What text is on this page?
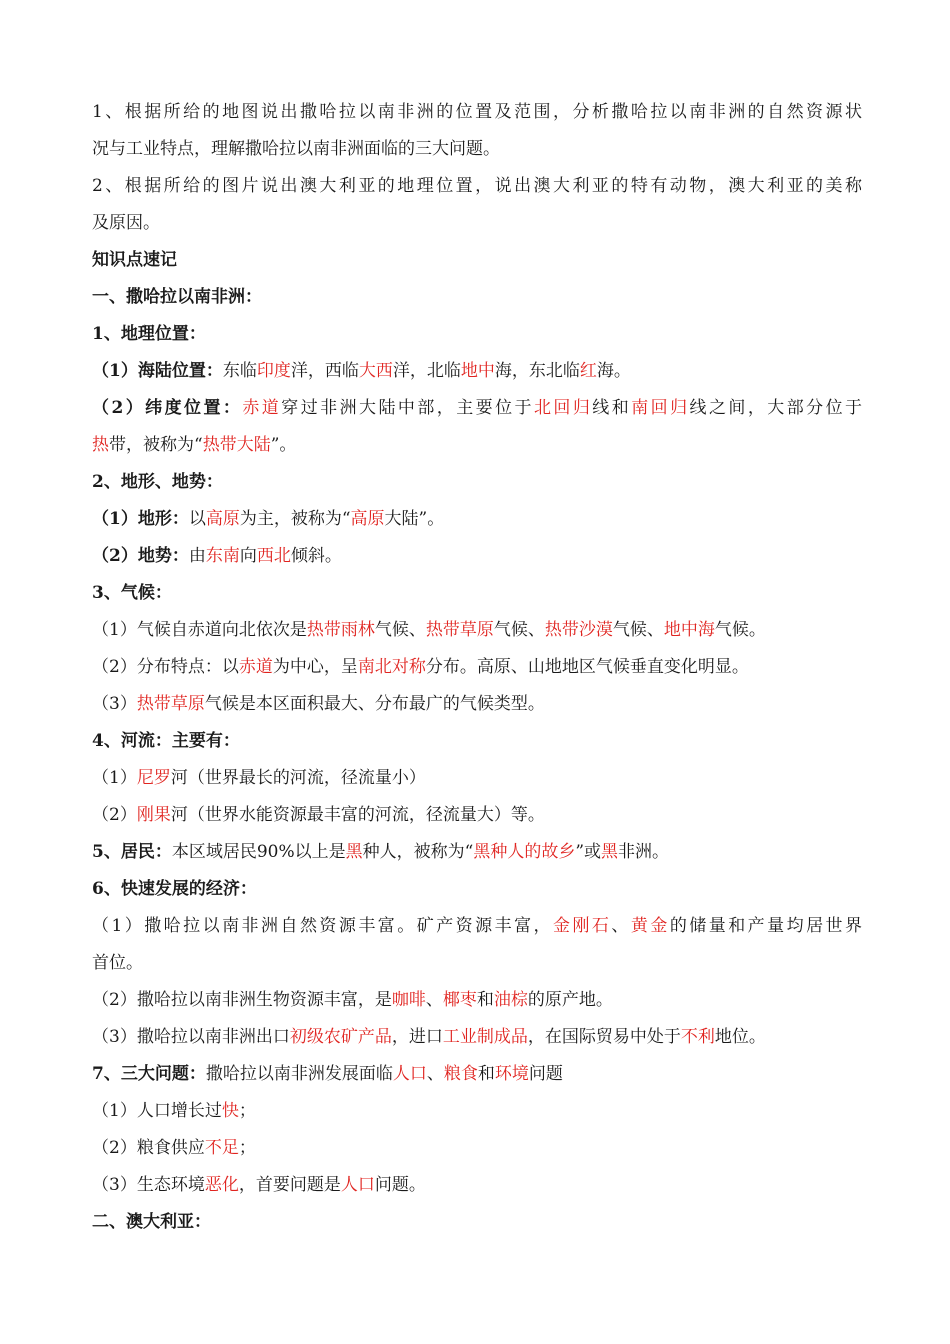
1、根据所给的地图说出撒哈拉以南非洲的位置及范围，分析撒哈拉以南非洲的自然资源状
况与工业特点，理解撒哈拉以南非洲面临的三大问题。
2、根据所给的图片说出澳大利亚的地理位置，说出澳大利亚的特有动物，澳大利亚的美称
及原因。
知识点速记
一、撒哈拉以南非洲：
1、地理位置：
（1）海陆位置：东临印度洋，西临大西洋，北临地中海，东北临红海。
（2）纬度位置：赤道穿过非洲大陆中部，主要位于北回归线和南回归线之间，大部分位于
热带，被称为“热带大陆”。
2、地形、地势：
（1）地形：以高原为主，被称为“高原大陆”。
（2）地势：由东南向西北倾斜。
3、气候：
（1）气候自赤道向北依次是热带雨林气候、热带草原气候、热带沙漠气候、地中海气候。
（2）分布特点：以赤道为中心，呈南北对称分布。高原、山地地区气候垂直变化明显。
（3）热带草原气候是本区面积最大、分布最广的气候类型。
4、河流：主要有：
（1）尼罗河（世界最长的河流，径流量小）
（2）刚果河（世界水能资源最丰富的河流，径流量大）等。
5、居民：本区域居民90%以上是黑种人，被称为“黑种人的故乡”或黑非洲。
6、快速发展的经济：
（1）撒哈拉以南非洲自然资源丰富。矿产资源丰富，金刚石、黄金的储量和产量均居世界
首位。
（2）撒哈拉以南非洲生物资源丰富，是咖啡、椰枣和油棕的原产地。
（3）撒哈拉以南非洲出口初级农矿产品，进口工业制成品，在国际贸易中处于不利地位。
7、三大问题：撒哈拉以南非洲发展面临人口、粮食和环境问题
（1）人口增长过快；
（2）粮食供应不足；
（3）生态环境恶化，首要问题是人口问题。
二、澳大利亚：
